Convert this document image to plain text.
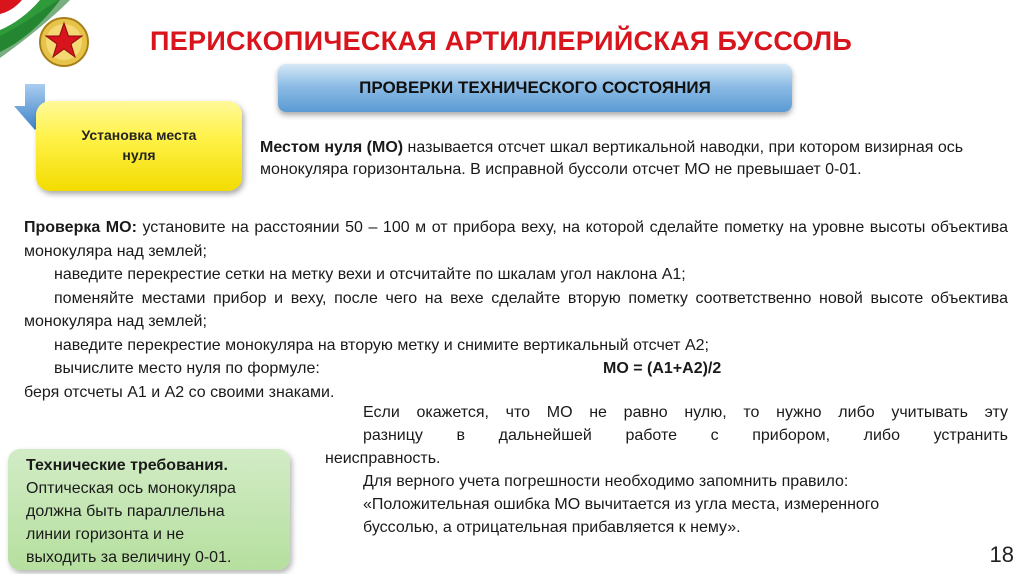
ПЕРИСКОПИЧЕСКАЯ АРТИЛЛЕРИЙСКАЯ БУССОЛЬ
ПРОВЕРКИ ТЕХНИЧЕСКОГО СОСТОЯНИЯ
Установка места
нуля	Местом нуля (МО) называется отсчет шкал вертикальной наводки, при котором визирная ось монокуляра горизонтальна. В исправной буссоли отсчет МО не превышает 0-01.

Проверка МО: установите на расстоянии 50 – 100 м от прибора веху, на которой сделайте пометку на уровне высоты объектива монокуляра над землей;

наведите перекрестие сетки на метку вехи и отсчитайте по шкалам угол наклона А1;

поменяйте местами прибор и веху, после чего на вехе сделайте вторую пометку соответственно новой высоте объектива монокуляра над землей;

наведите перекрестие монокуляра на вторую метку и снимите вертикальный отсчет А2;

вычислите место нуля по формуле:	МО = (А1+А2)/2

беря отсчеты А1 и А2 со своими знаками.

Если окажется, что МО не равно нулю, то нужно либо учитывать эту

разницу в дальнейшей работе с прибором, либо устранить

неисправность.

Для верного учета погрешности необходимо запомнить правило:

«Положительная ошибка МО вычитается из угла места, измеренного

буссолью, а отрицательная прибавляется к нему».

Технические требования.
Оптическая ось монокуляра
должна быть параллельна
линии горизонта и не
выходить за величину 0-01.	18
